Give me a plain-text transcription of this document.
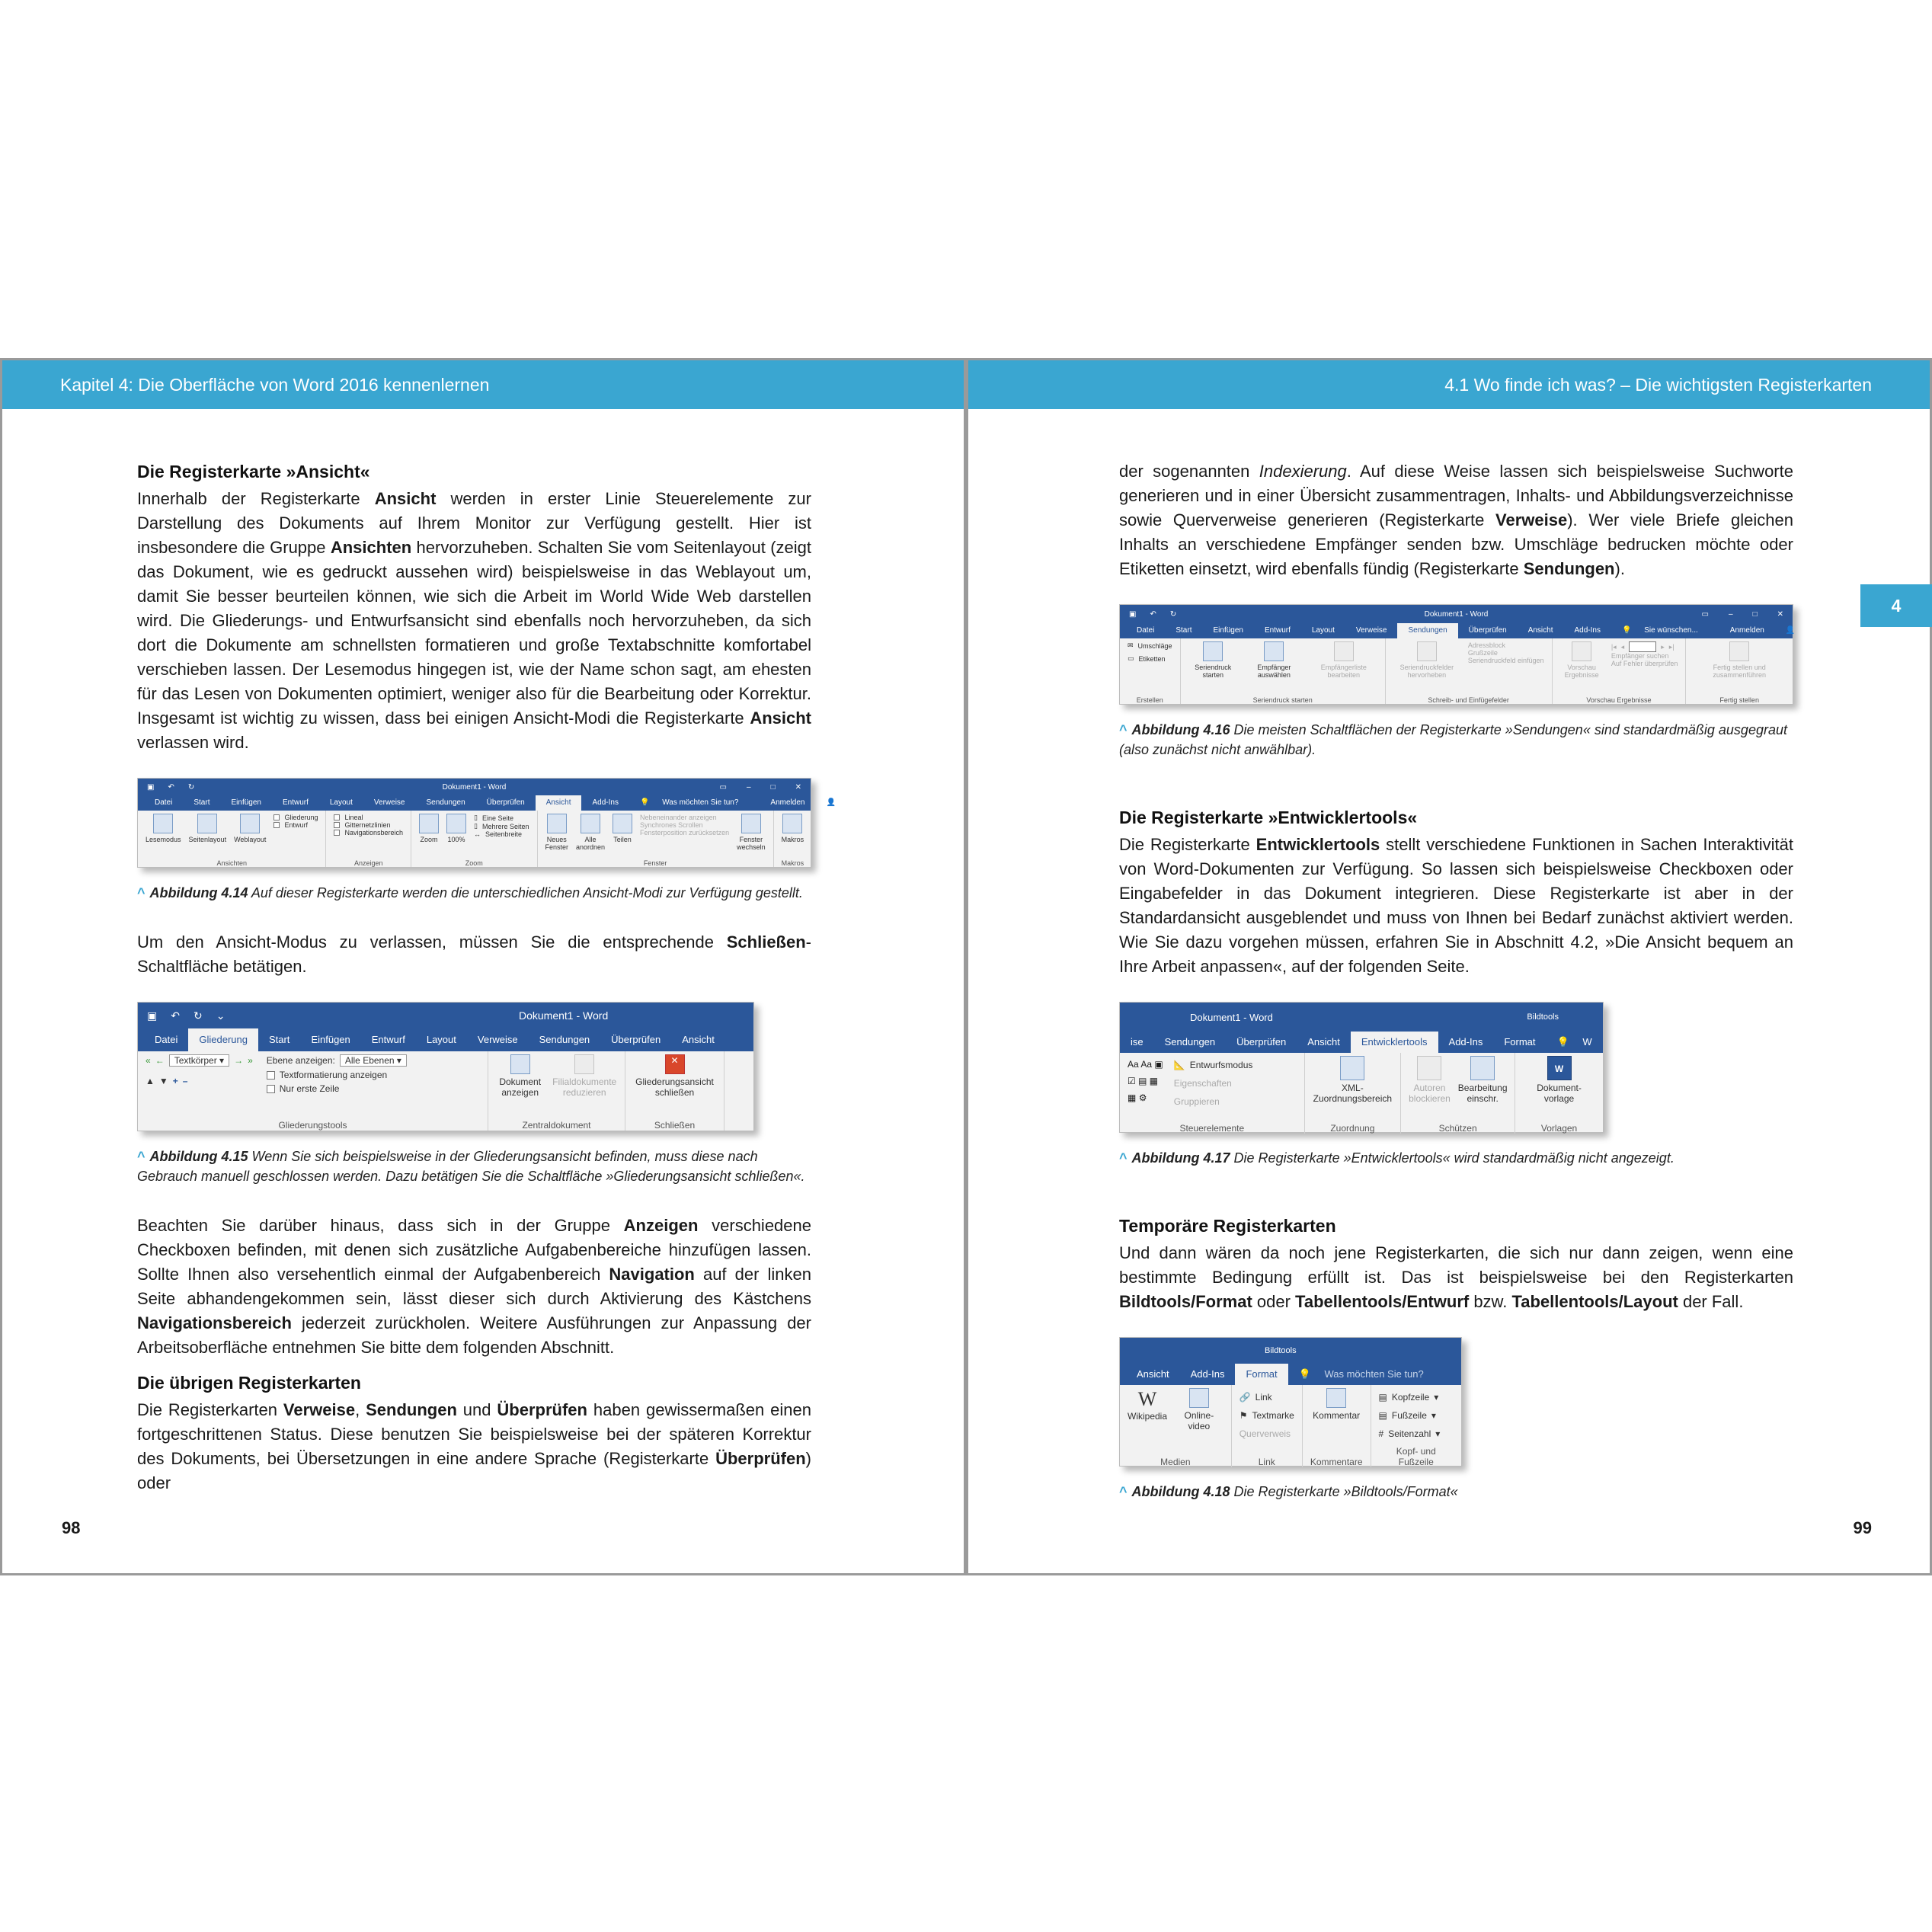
Kapitel 4: Die Oberfläche von Word 2016 kennenlernen
Die Registerkarte »Ansicht«

Innerhalb der Registerkarte Ansicht werden in erster Linie Steuerelemente zur Darstellung des Dokuments auf Ihrem Monitor zur Verfügung gestellt. Hier ist insbesondere die Gruppe Ansichten hervorzuheben. Schalten Sie vom Seitenlayout (zeigt das Dokument, wie es gedruckt aussehen wird) beispielsweise in das Weblayout um, damit Sie besser beurteilen können, wie sich die Arbeit im World Wide Web darstellen wird. Die Gliederungs- und Entwurfsansicht sind ebenfalls noch hervorzuheben, da sich dort die Dokumente am schnellsten formatieren und große Textabschnitte komfortabel verschieben lassen. Der Lesemodus hingegen ist, wie der Name schon sagt, am ehesten für das Lesen von Dokumenten optimiert, weniger also für die Bearbeitung oder Korrektur. Insgesamt ist wichtig zu wissen, dass bei einigen Ansicht-Modi die Registerkarte Ansicht verlassen wird.

▣ ↶ ↻	Dokument1 - Word	▭	–	□	✕
Datei	Start	Einfügen	Entwurf	Layout	Verweise	Sendungen	Überprüfen	Ansicht	Add-Ins	💡 Was möchten Sie tun?	Anmelden	👤 Freigeben
Lesemodus Seitenlayout Weblayout
Gliederung
Entwurf
Ansichten
Lineal
Gitternetzlinien
Navigationsbereich
Anzeigen
Zoom 100%
▯ Eine Seite
▯ Mehrere Seiten
↔ Seitenbreite
Zoom
Neues Fenster
Alle anordnen
Teilen
Nebeneinander anzeigen
Synchrones Scrollen
Fensterposition zurücksetzen
Fenster wechseln
Fenster
Makros
Makros

^ Abbildung 4.14 Auf dieser Registerkarte werden die unterschiedlichen Ansicht-Modi zur Verfügung gestellt.

Um den Ansicht-Modus zu verlassen, müssen Sie die entsprechende Schließen-Schaltfläche betätigen.

▣ ↶ ↻ ⌄	Dokument1 - Word
Datei	Gliederung	Start	Einfügen	Entwurf	Layout	Verweise	Sendungen	Überprüfen	Ansicht
« ←	Textkörper ▾	→ »
▲ ▼ + –
Ebene anzeigen:	Alle Ebenen ▾
Textformatierung anzeigen
Nur erste Zeile
Gliederungstools
Dokument anzeigen
Filialdokumente reduzieren
Zentraldokument
✕
Gliederungsansicht schließen
Schließen

^ Abbildung 4.15 Wenn Sie sich beispielsweise in der Gliederungsansicht befinden, muss diese nach Gebrauch manuell geschlossen werden. Dazu betätigen Sie die Schaltfläche »Gliederungsansicht schließen«.

Beachten Sie darüber hinaus, dass sich in der Gruppe Anzeigen verschiedene Checkboxen befinden, mit denen sich zusätzliche Aufgabenbereiche hinzufügen lassen. Sollte Ihnen also versehentlich einmal der Aufgabenbereich Navigation auf der linken Seite abhandengekommen sein, lässt dieser sich durch Aktivierung des Kästchens Navigationsbereich jederzeit zurückholen. Weitere Ausführungen zur Anpassung der Arbeitsoberfläche entnehmen Sie bitte dem folgenden Abschnitt.

Die übrigen Registerkarten

Die Registerkarten Verweise, Sendungen und Überprüfen haben gewissermaßen einen fortgeschrittenen Status. Diese benutzen Sie beispielsweise bei der späteren Korrektur des Dokuments, bei Übersetzungen in eine andere Sprache (Registerkarte Überprüfen) oder

98
4.1 Wo finde ich was? – Die wichtigsten Registerkarten

der sogenannten Indexierung. Auf diese Weise lassen sich beispielsweise Suchworte generieren und in einer Übersicht zusammentragen, Inhalts- und Abbildungsverzeichnisse sowie Querverweise generieren (Registerkarte Verweise). Wer viele Briefe gleichen Inhalts an verschiedene Empfänger senden bzw. Umschläge bedrucken möchte oder Etiketten einsetzt, wird ebenfalls fündig (Registerkarte Sendungen).

▣ ↶ ↻	Dokument1 - Word	▭	–	□	✕
Datei	Start	Einfügen	Entwurf	Layout	Verweise	Sendungen	Überprüfen	Ansicht	Add-Ins	💡 Sie wünschen...	Anmelden	👤 Freigeben
✉ Umschläge
▭ Etiketten
Erstellen
Seriendruck starten
Empfänger auswählen
Empfängerliste bearbeiten
Seriendruck starten
Seriendruckfelder hervorheben
Adressblock
Grußzeile
Seriendruckfeld einfügen
Schreib- und Einfügefelder
Vorschau Ergebnisse
|◂ ◂	▸ ▸|
Empfänger suchen
Auf Fehler überprüfen
Vorschau Ergebnisse
Fertig stellen und zusammenführen
Fertig stellen

^ Abbildung 4.16 Die meisten Schaltflächen der Registerkarte »Sendungen« sind standardmäßig ausgegraut (also zunächst nicht anwählbar).

Die Registerkarte »Entwicklertools«

Die Registerkarte Entwicklertools stellt verschiedene Funktionen in Sachen Interaktivität von Word-Dokumenten zur Verfügung. So lassen sich beispielsweise Checkboxen oder Eingabefelder in das Dokument integrieren. Diese Registerkarte ist aber in der Standardansicht ausgeblendet und muss von Ihnen bei Bedarf zunächst aktiviert werden. Wie Sie dazu vorgehen müssen, erfahren Sie in Abschnitt 4.2, »Die Ansicht bequem an Ihre Arbeit anpassen«, auf der folgenden Seite.

Dokument1 - Word	Bildtools
ise	Sendungen	Überprüfen	Ansicht	Entwicklertools	Add-Ins	Format	💡 W
Aa Aa ▣
☑ ▤ ▦
▦ ⚙
📐 Entwurfsmodus
Eigenschaften
Gruppieren
Steuerelemente
XML-Zuordnungsbereich
Zuordnung
Autoren blockieren
Bearbeitung einschr.
Schützen
W
Dokument-vorlage
Vorlagen

^ Abbildung 4.17 Die Registerkarte »Entwicklertools« wird standardmäßig nicht angezeigt.

Temporäre Registerkarten

Und dann wären da noch jene Registerkarten, die sich nur dann zeigen, wenn eine bestimmte Bedingung erfüllt ist. Das ist beispielsweise bei den Registerkarten Bildtools/Format oder Tabellentools/Entwurf bzw. Tabellentools/Layout der Fall.

Bildtools
Ansicht	Add-Ins	Format	💡 Was möchten Sie tun?
W
Wikipedia	Online-video
Medien
🔗 Link
⚑ Textmarke
Querverweis
Link
Kommentar
Kommentare
▤ Kopfzeile ▾
▤ Fußzeile ▾
# Seitenzahl ▾
Kopf- und Fußzeile

^ Abbildung 4.18 Die Registerkarte »Bildtools/Format«

99
4
